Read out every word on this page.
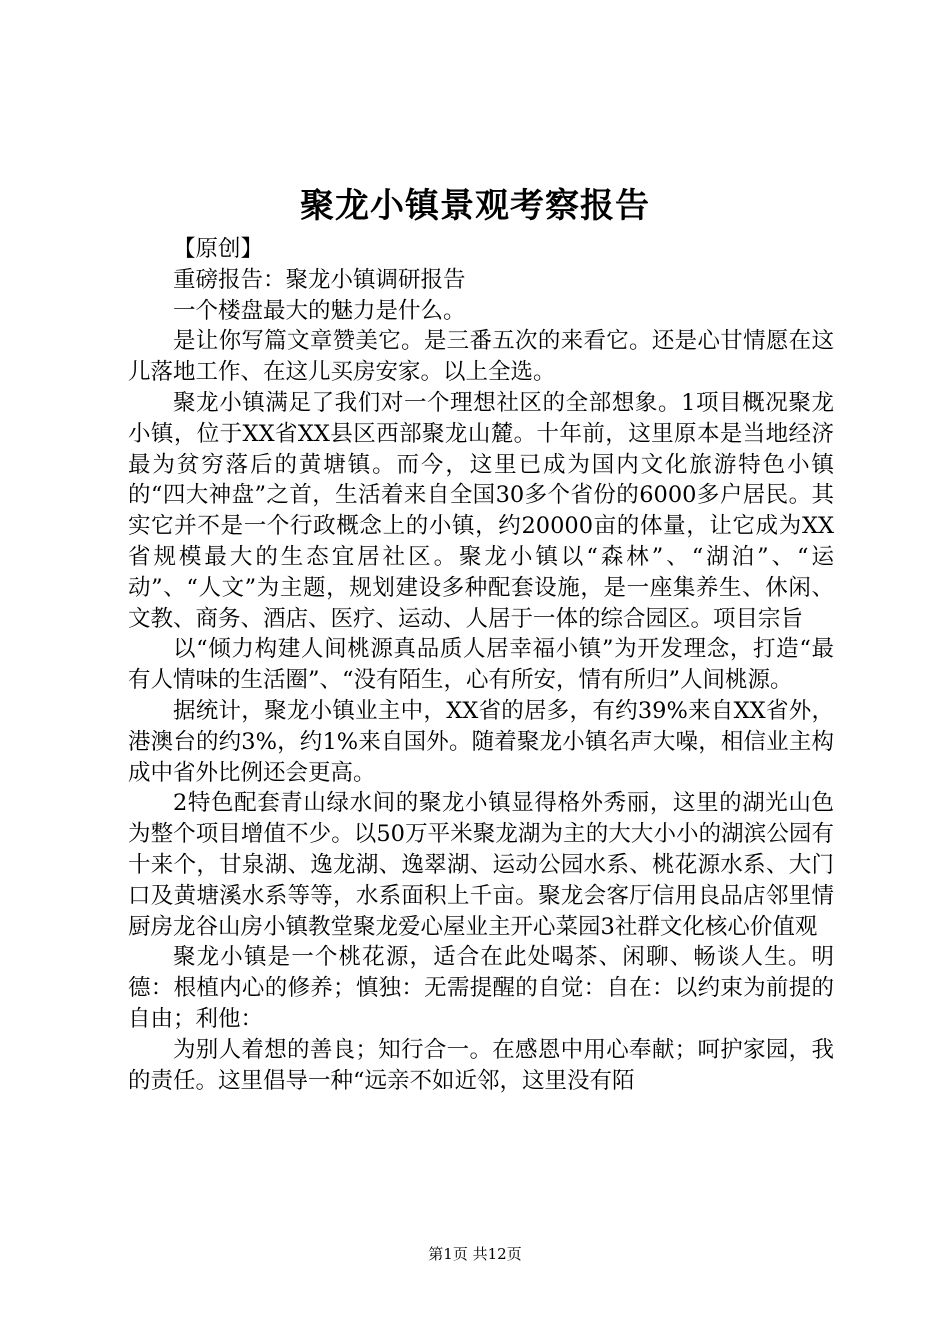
聚龙小镇景观考察报告

【原创】

重磅报告：聚龙小镇调研报告

一个楼盘最大的魅力是什么。

是让你写篇文章赞美它。是三番五次的来看它。还是心甘情愿在这儿落地工作、在这儿买房安家。以上全选。

聚龙小镇满足了我们对一个理想社区的全部想象。1项目概况聚龙小镇，位于XX省XX县区西部聚龙山麓。十年前，这里原本是当地经济最为贫穷落后的黄塘镇。而今，这里已成为国内文化旅游特色小镇的“四大神盘”之首，生活着来自全国30多个省份的6000多户居民。其实它并不是一个行政概念上的小镇，约20000亩的体量，让它成为XX省规模最大的生态宜居社区。聚龙小镇以“森林”、“湖泊”、“运动”、“人文”为主题，规划建设多种配套设施，是一座集养生、休闲、文教、商务、酒店、医疗、运动、人居于一体的综合园区。项目宗旨

以“倾力构建人间桃源真品质人居幸福小镇”为开发理念，打造“最有人情味的生活圈”、“没有陌生，心有所安，情有所归”人间桃源。

据统计，聚龙小镇业主中，XX省的居多，有约39%来自XX省外，港澳台的约3%，约1%来自国外。随着聚龙小镇名声大噪，相信业主构成中省外比例还会更高。

2特色配套青山绿水间的聚龙小镇显得格外秀丽，这里的湖光山色为整个项目增值不少。以50万平米聚龙湖为主的大大小小的湖滨公园有十来个，甘泉湖、逸龙湖、逸翠湖、运动公园水系、桃花源水系、大门口及黄塘溪水系等等，水系面积上千亩。聚龙会客厅信用良品店邻里情厨房龙谷山房小镇教堂聚龙爱心屋业主开心菜园3社群文化核心价值观

聚龙小镇是一个桃花源，适合在此处喝茶、闲聊、畅谈人生。明德：根植内心的修养；慎独：无需提醒的自觉：自在：以约束为前提的自由；利他：

为别人着想的善良；知行合一。在感恩中用心奉献；呵护家园，我的责任。这里倡导一种“远亲不如近邻，这里没有陌

第1页 共12页
